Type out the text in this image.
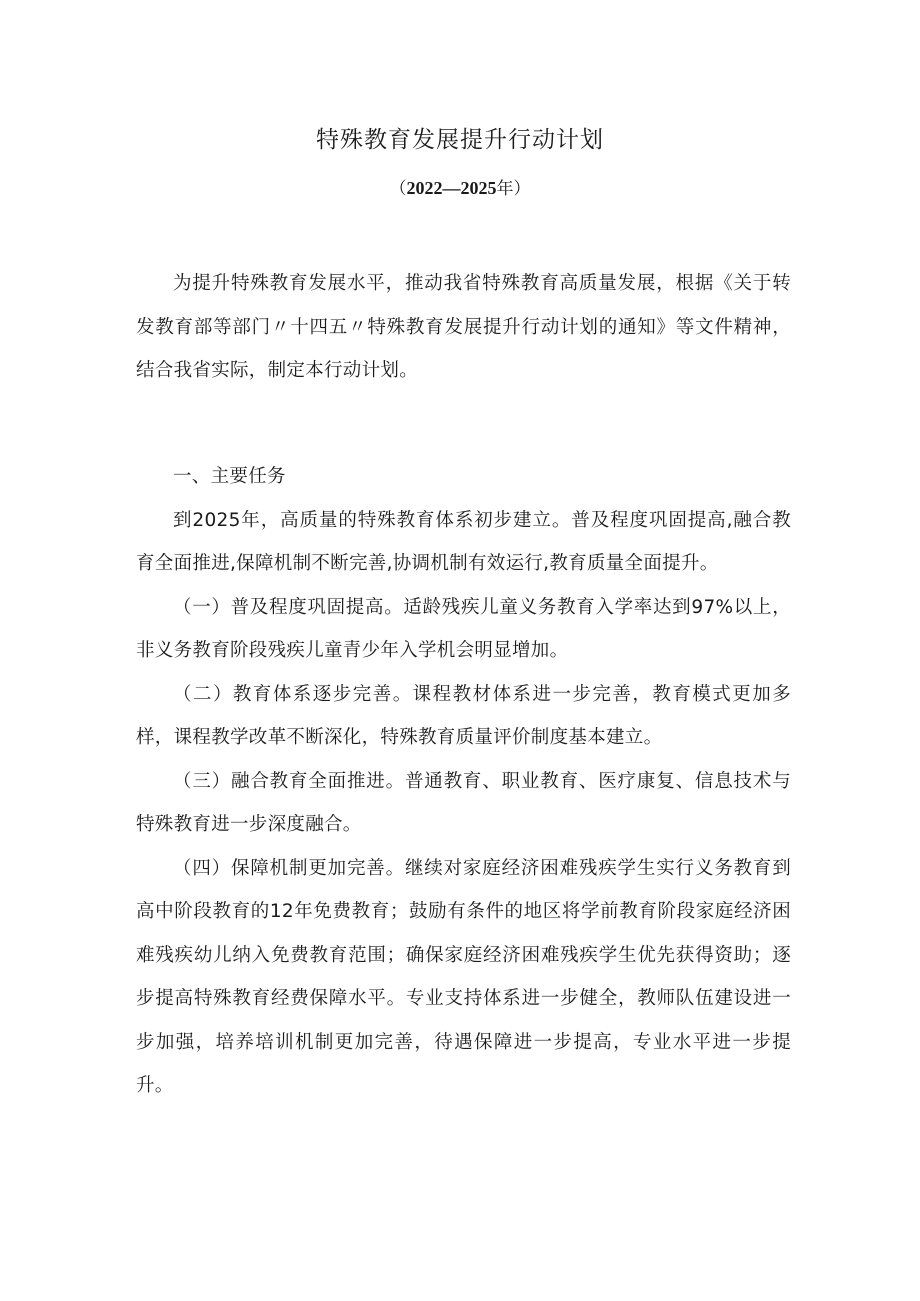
特殊教育发展提升行动计划
（2022—2025年）

为提升特殊教育发展水平，推动我省特殊教育高质量发展，根据《关于转发教育部等部门〃十四五〃特殊教育发展提升行动计划的通知》等文件精神，结合我省实际，制定本行动计划。

一、主要任务

到2025年，高质量的特殊教育体系初步建立。普及程度巩固提高,融合教育全面推进,保障机制不断完善,协调机制有效运行,教育质量全面提升。

（一）普及程度巩固提高。适龄残疾儿童义务教育入学率达到97%以上，非义务教育阶段残疾儿童青少年入学机会明显增加。

（二）教育体系逐步完善。课程教材体系进一步完善，教育模式更加多样，课程教学改革不断深化，特殊教育质量评价制度基本建立。

（三）融合教育全面推进。普通教育、职业教育、医疗康复、信息技术与特殊教育进一步深度融合。

（四）保障机制更加完善。继续对家庭经济困难残疾学生实行义务教育到高中阶段教育的12年免费教育；鼓励有条件的地区将学前教育阶段家庭经济困难残疾幼儿纳入免费教育范围；确保家庭经济困难残疾学生优先获得资助；逐步提高特殊教育经费保障水平。专业支持体系进一步健全，教师队伍建设进一步加强，培养培训机制更加完善，待遇保障进一步提高，专业水平进一步提升。
